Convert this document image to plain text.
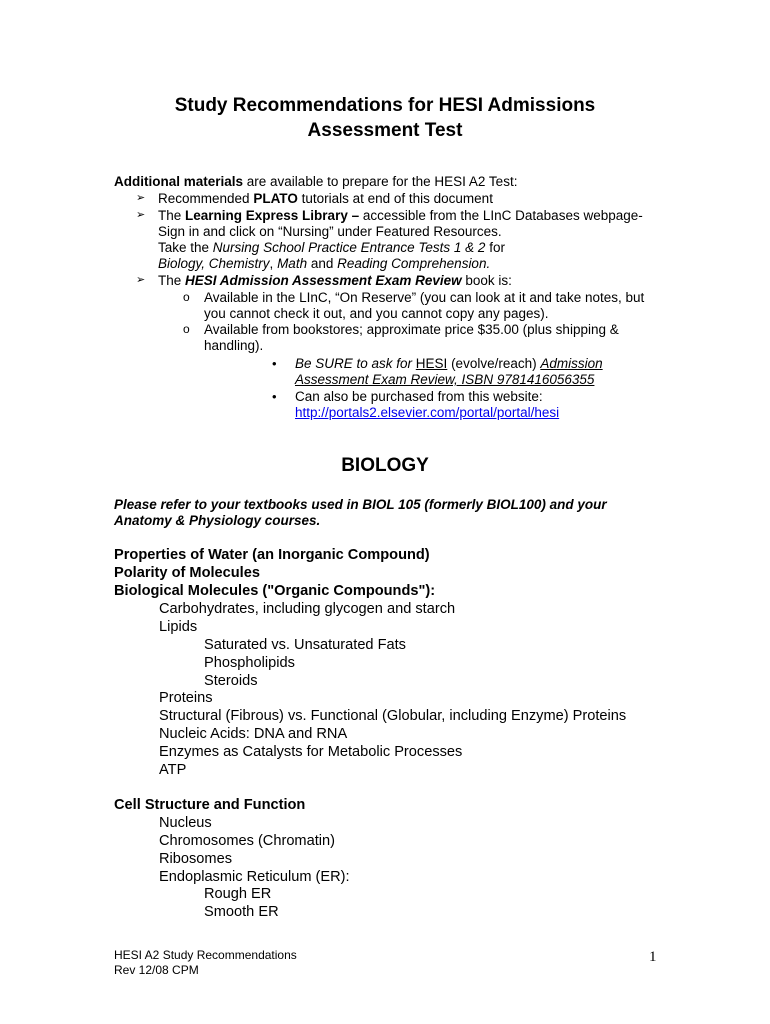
Study Recommendations for HESI Admissions
Assessment Test
Additional materials are available to prepare for the HESI A2 Test:
➢ Recommended PLATO tutorials at end of this document
➢ The Learning Express Library – accessible from the LInC Databases webpage-
Sign in and click on “Nursing” under Featured Resources.
Take the Nursing School Practice Entrance Tests 1 & 2 for
Biology, Chemistry, Math and Reading Comprehension.
➢ The HESI Admission Assessment Exam Review book is:
o Available in the LInC, “On Reserve” (you can look at it and take notes, but
you cannot check it out, and you cannot copy any pages).
o Available from bookstores; approximate price $35.00 (plus shipping &
handling).
• Be SURE to ask for HESI (evolve/reach) Admission
Assessment Exam Review, ISBN 9781416056355
• Can also be purchased from this website:
http://portals2.elsevier.com/portal/portal/hesi
BIOLOGY
Please refer to your textbooks used in BIOL 105 (formerly BIOL100) and your
Anatomy & Physiology courses.
Properties of Water (an Inorganic Compound)
Polarity of Molecules
Biological Molecules ("Organic Compounds"):
Carbohydrates, including glycogen and starch
Lipids
Saturated vs. Unsaturated Fats
Phospholipids
Steroids
Proteins
Structural (Fibrous) vs. Functional (Globular, including Enzyme) Proteins
Nucleic Acids: DNA and RNA
Enzymes as Catalysts for Metabolic Processes
ATP
Cell Structure and Function
Nucleus
Chromosomes (Chromatin)
Ribosomes
Endoplasmic Reticulum (ER):
Rough ER
Smooth ER
HESI A2 Study Recommendations
Rev 12/08 CPM
1
